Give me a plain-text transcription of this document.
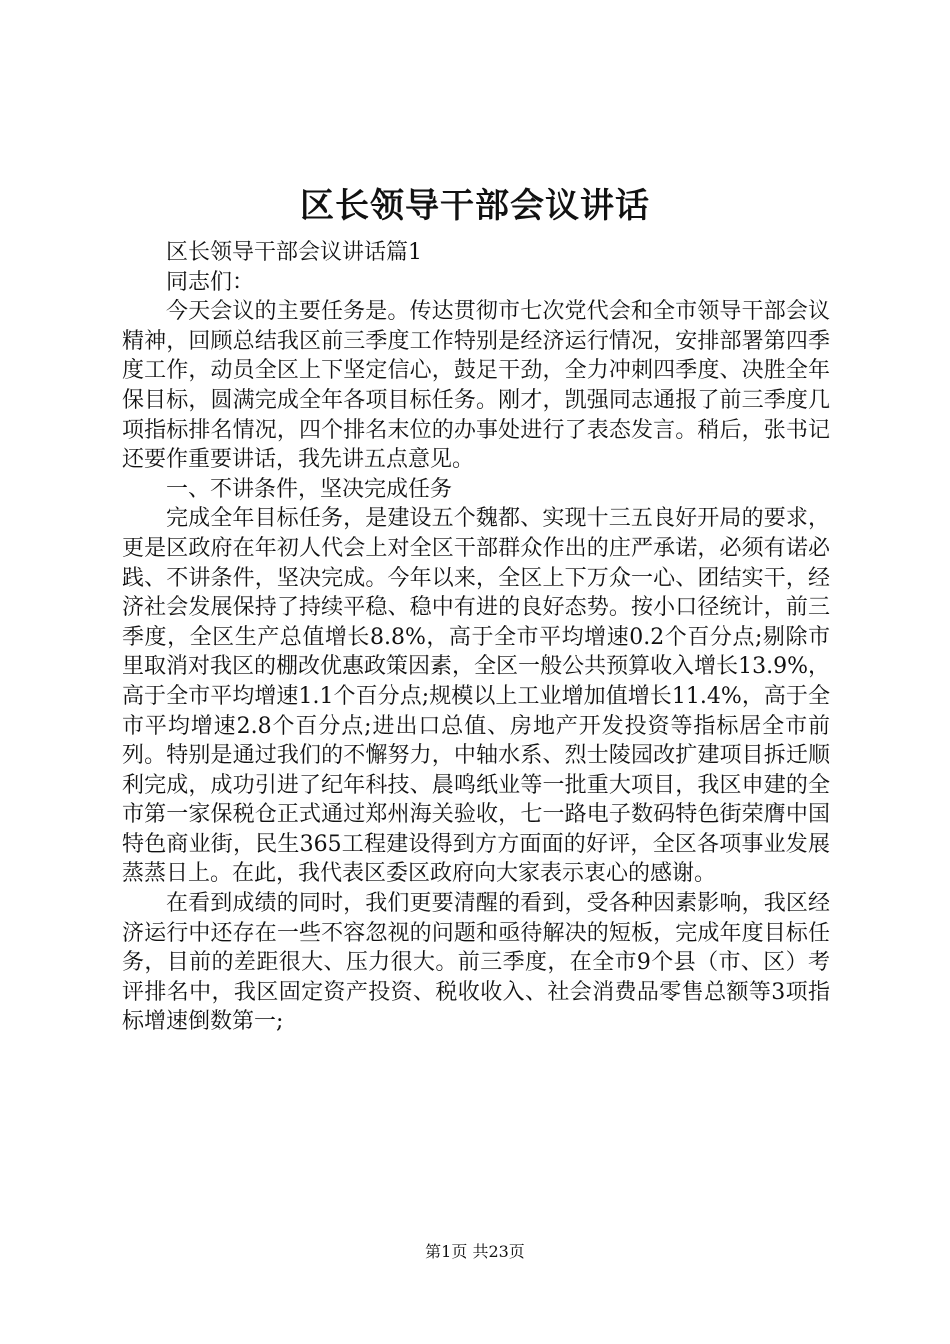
区长领导干部会议讲话

区长领导干部会议讲话篇1

同志们：

今天会议的主要任务是。传达贯彻市七次党代会和全市领导干部会议精神，回顾总结我区前三季度工作特别是经济运行情况，安排部署第四季度工作，动员全区上下坚定信心，鼓足干劲，全力冲刺四季度、决胜全年保目标，圆满完成全年各项目标任务。刚才，凯强同志通报了前三季度几项指标排名情况，四个排名末位的办事处进行了表态发言。稍后，张书记还要作重要讲话，我先讲五点意见。

一、不讲条件，坚决完成任务

完成全年目标任务，是建设五个魏都、实现十三五良好开局的要求，更是区政府在年初人代会上对全区干部群众作出的庄严承诺，必须有诺必践、不讲条件，坚决完成。今年以来，全区上下万众一心、团结实干，经济社会发展保持了持续平稳、稳中有进的良好态势。按小口径统计，前三季度，全区生产总值增长8.8%，高于全市平均增速0.2个百分点;剔除市里取消对我区的棚改优惠政策因素，全区一般公共预算收入增长13.9%，高于全市平均增速1.1个百分点;规模以上工业增加值增长11.4%，高于全市平均增速2.8个百分点;进出口总值、房地产开发投资等指标居全市前列。特别是通过我们的不懈努力，中轴水系、烈士陵园改扩建项目拆迁顺利完成，成功引进了纪年科技、晨鸣纸业等一批重大项目，我区申建的全市第一家保税仓正式通过郑州海关验收，七一路电子数码特色街荣膺中国特色商业街，民生365工程建设得到方方面面的好评，全区各项事业发展蒸蒸日上。在此，我代表区委区政府向大家表示衷心的感谢。

在看到成绩的同时，我们更要清醒的看到，受各种因素影响，我区经济运行中还存在一些不容忽视的问题和亟待解决的短板，完成年度目标任务，目前的差距很大、压力很大。前三季度，在全市9个县（市、区）考评排名中，我区固定资产投资、税收收入、社会消费品零售总额等3项指标增速倒数第一;

第1页 共23页
